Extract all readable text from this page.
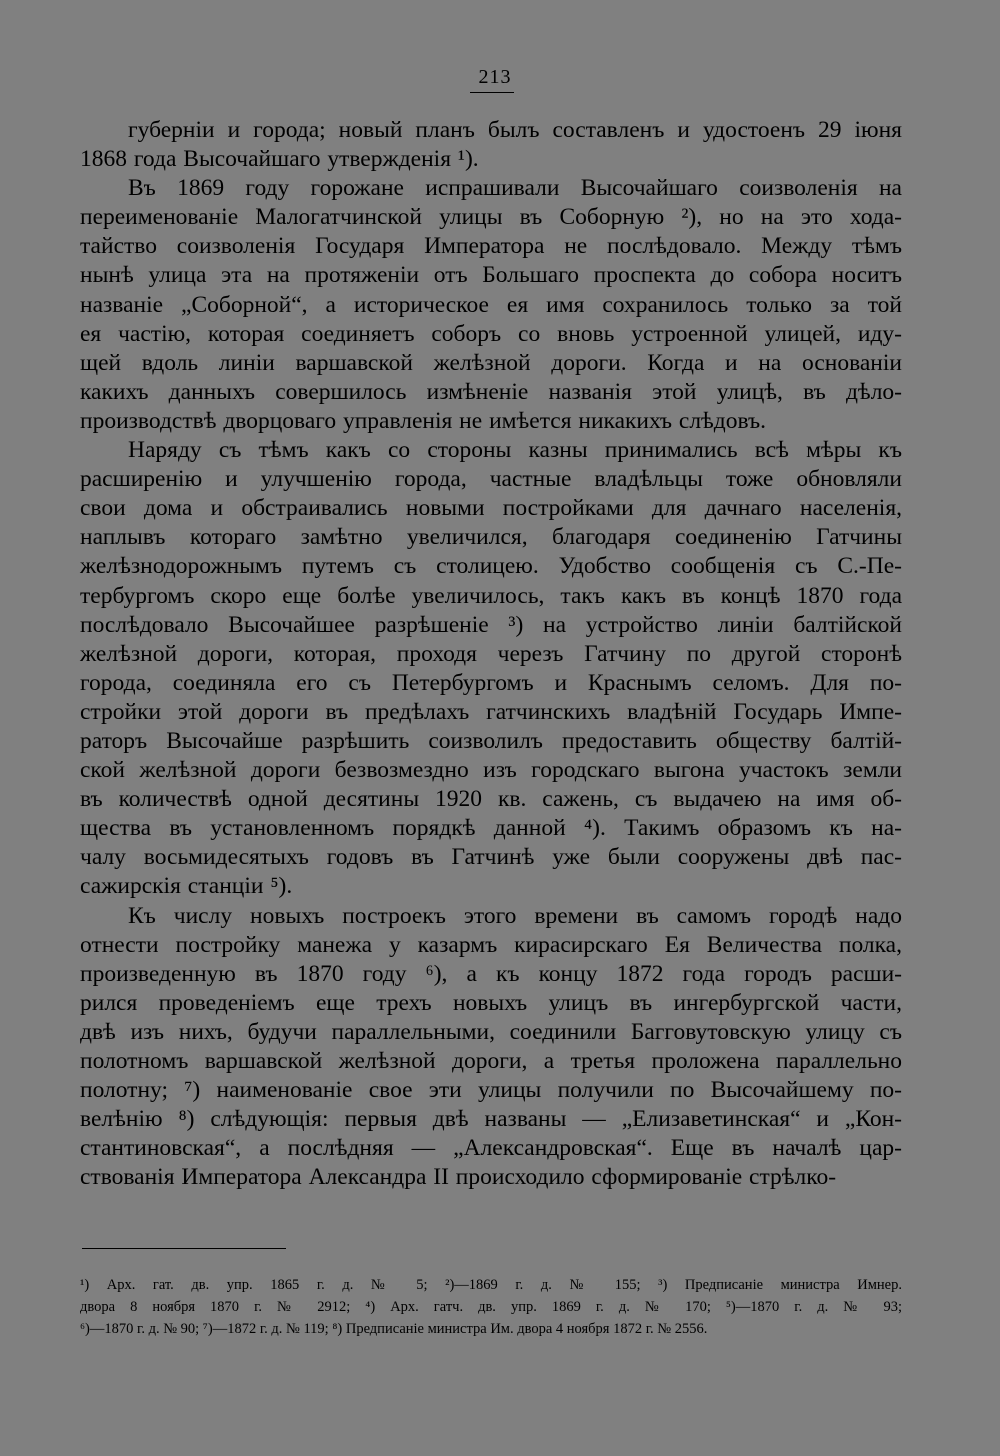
213
губерніи и города; новый планъ былъ составленъ и удостоенъ 29 іюня
1868 года Высочайшаго утвержденія ¹).
Въ 1869 году горожане испрашивали Высочайшаго соизволенія на
переименованіе Малогатчинской улицы въ Соборную ²), но на это хода-
тайство соизволенія Государя Императора не послѣдовало. Между тѣмъ
нынѣ улица эта на протяженіи отъ Большаго проспекта до собора носитъ
названіе „Соборной“, а историческое ея имя сохранилось только за той
ея частію, которая соединяетъ соборъ со вновь устроенной улицей, иду-
щей вдоль линіи варшавской желѣзной дороги. Когда и на основаніи
какихъ данныхъ совершилось измѣненіе названія этой улицѣ, въ дѣло-
производствѣ дворцоваго управленія не имѣется никакихъ слѣдовъ.
Наряду съ тѣмъ какъ со стороны казны принимались всѣ мѣры къ
расширенію и улучшенію города, частные владѣльцы тоже обновляли
свои дома и обстраивались новыми постройками для дачнаго населенія,
наплывъ котораго замѣтно увеличился, благодаря соединенію Гатчины
желѣзнодорожнымъ путемъ съ столицею. Удобство сообщенія съ С.-Пе-
тербургомъ скоро еще болѣе увеличилось, такъ какъ въ концѣ 1870 года
послѣдовало Высочайшее разрѣшеніе ³) на устройство линіи балтійской
желѣзной дороги, которая, проходя черезъ Гатчину по другой сторонѣ
города, соединяла его съ Петербургомъ и Краснымъ селомъ. Для по-
стройки этой дороги въ предѣлахъ гатчинскихъ владѣній Государь Импе-
раторъ Высочайше разрѣшить соизволилъ предоставить обществу балтій-
ской желѣзной дороги безвозмездно изъ городскаго выгона участокъ земли
въ количествѣ одной десятины 1920 кв. сажень, съ выдачею на имя об-
щества въ установленномъ порядкѣ данной ⁴). Такимъ образомъ къ на-
чалу восьмидесятыхъ годовъ въ Гатчинѣ уже были сооружены двѣ пас-
сажирскія станціи ⁵).
Къ числу новыхъ построекъ этого времени въ самомъ городѣ надо
отнести постройку манежа у казармъ кирасирскаго Ея Величества полка,
произведенную въ 1870 году ⁶), а къ концу 1872 года городъ расши-
рился проведеніемъ еще трехъ новыхъ улицъ въ ингербургской части,
двѣ изъ нихъ, будучи параллельными, соединили Багговутовскую улицу съ
полотномъ варшавской желѣзной дороги, а третья проложена параллельно
полотну; ⁷) наименованіе свое эти улицы получили по Высочайшему по-
велѣнію ⁸) слѣдующія: первыя двѣ названы — „Елизаветинская“ и „Кон-
стантиновская“, а послѣдняя — „Александровская“. Еще въ началѣ цар-
ствованія Императора Александра II происходило сформированіе стрѣлко-
¹) Арх. гат. дв. упр. 1865 г. д. № 5; ²)—1869 г. д. № 155; ³) Предписаніе министра Имнер.
двора 8 ноября 1870 г. № 2912; ⁴) Арх. гатч. дв. упр. 1869 г. д. № 170; ⁵)—1870 г. д. № 93;
⁶)—1870 г. д. № 90; ⁷)—1872 г. д. № 119; ⁸) Предписаніе министра Им. двора 4 ноября 1872 г. № 2556.
